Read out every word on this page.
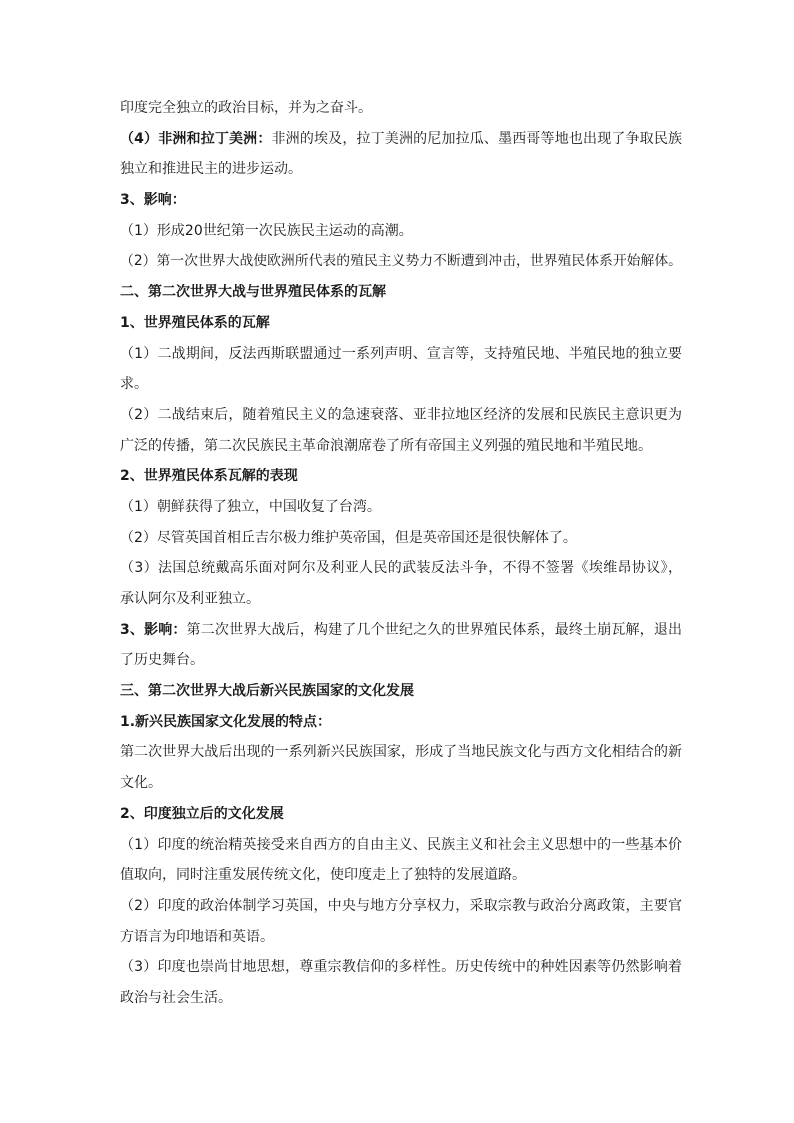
印度完全独立的政治目标，并为之奋斗。
（4）非洲和拉丁美洲：非洲的埃及，拉丁美洲的尼加拉瓜、墨西哥等地也出现了争取民族
独立和推进民主的进步运动。
3、影响：
（1）形成20世纪第一次民族民主运动的高潮。
（2）第一次世界大战使欧洲所代表的殖民主义势力不断遭到冲击，世界殖民体系开始解体。
二、第二次世界大战与世界殖民体系的瓦解
1、世界殖民体系的瓦解
（1）二战期间，反法西斯联盟通过一系列声明、宣言等，支持殖民地、半殖民地的独立要
求。
（2）二战结束后，随着殖民主义的急速衰落、亚非拉地区经济的发展和民族民主意识更为
广泛的传播，第二次民族民主革命浪潮席卷了所有帝国主义列强的殖民地和半殖民地。
2、世界殖民体系瓦解的表现
（1）朝鲜获得了独立，中国收复了台湾。
（2）尽管英国首相丘吉尔极力维护英帝国，但是英帝国还是很快解体了。
（3）法国总统戴高乐面对阿尔及利亚人民的武装反法斗争，不得不签署《埃维昂协议》，
承认阿尔及利亚独立。
3、影响：第二次世界大战后，构建了几个世纪之久的世界殖民体系，最终土崩瓦解，退出
了历史舞台。
三、第二次世界大战后新兴民族国家的文化发展
1.新兴民族国家文化发展的特点：
第二次世界大战后出现的一系列新兴民族国家，形成了当地民族文化与西方文化相结合的新
文化。
2、印度独立后的文化发展
（1）印度的统治精英接受来自西方的自由主义、民族主义和社会主义思想中的一些基本价
值取向，同时注重发展传统文化，使印度走上了独特的发展道路。
（2）印度的政治体制学习英国，中央与地方分享权力，采取宗教与政治分离政策，主要官
方语言为印地语和英语。
（3）印度也崇尚甘地思想，尊重宗教信仰的多样性。历史传统中的种姓因素等仍然影响着
政治与社会生活。
